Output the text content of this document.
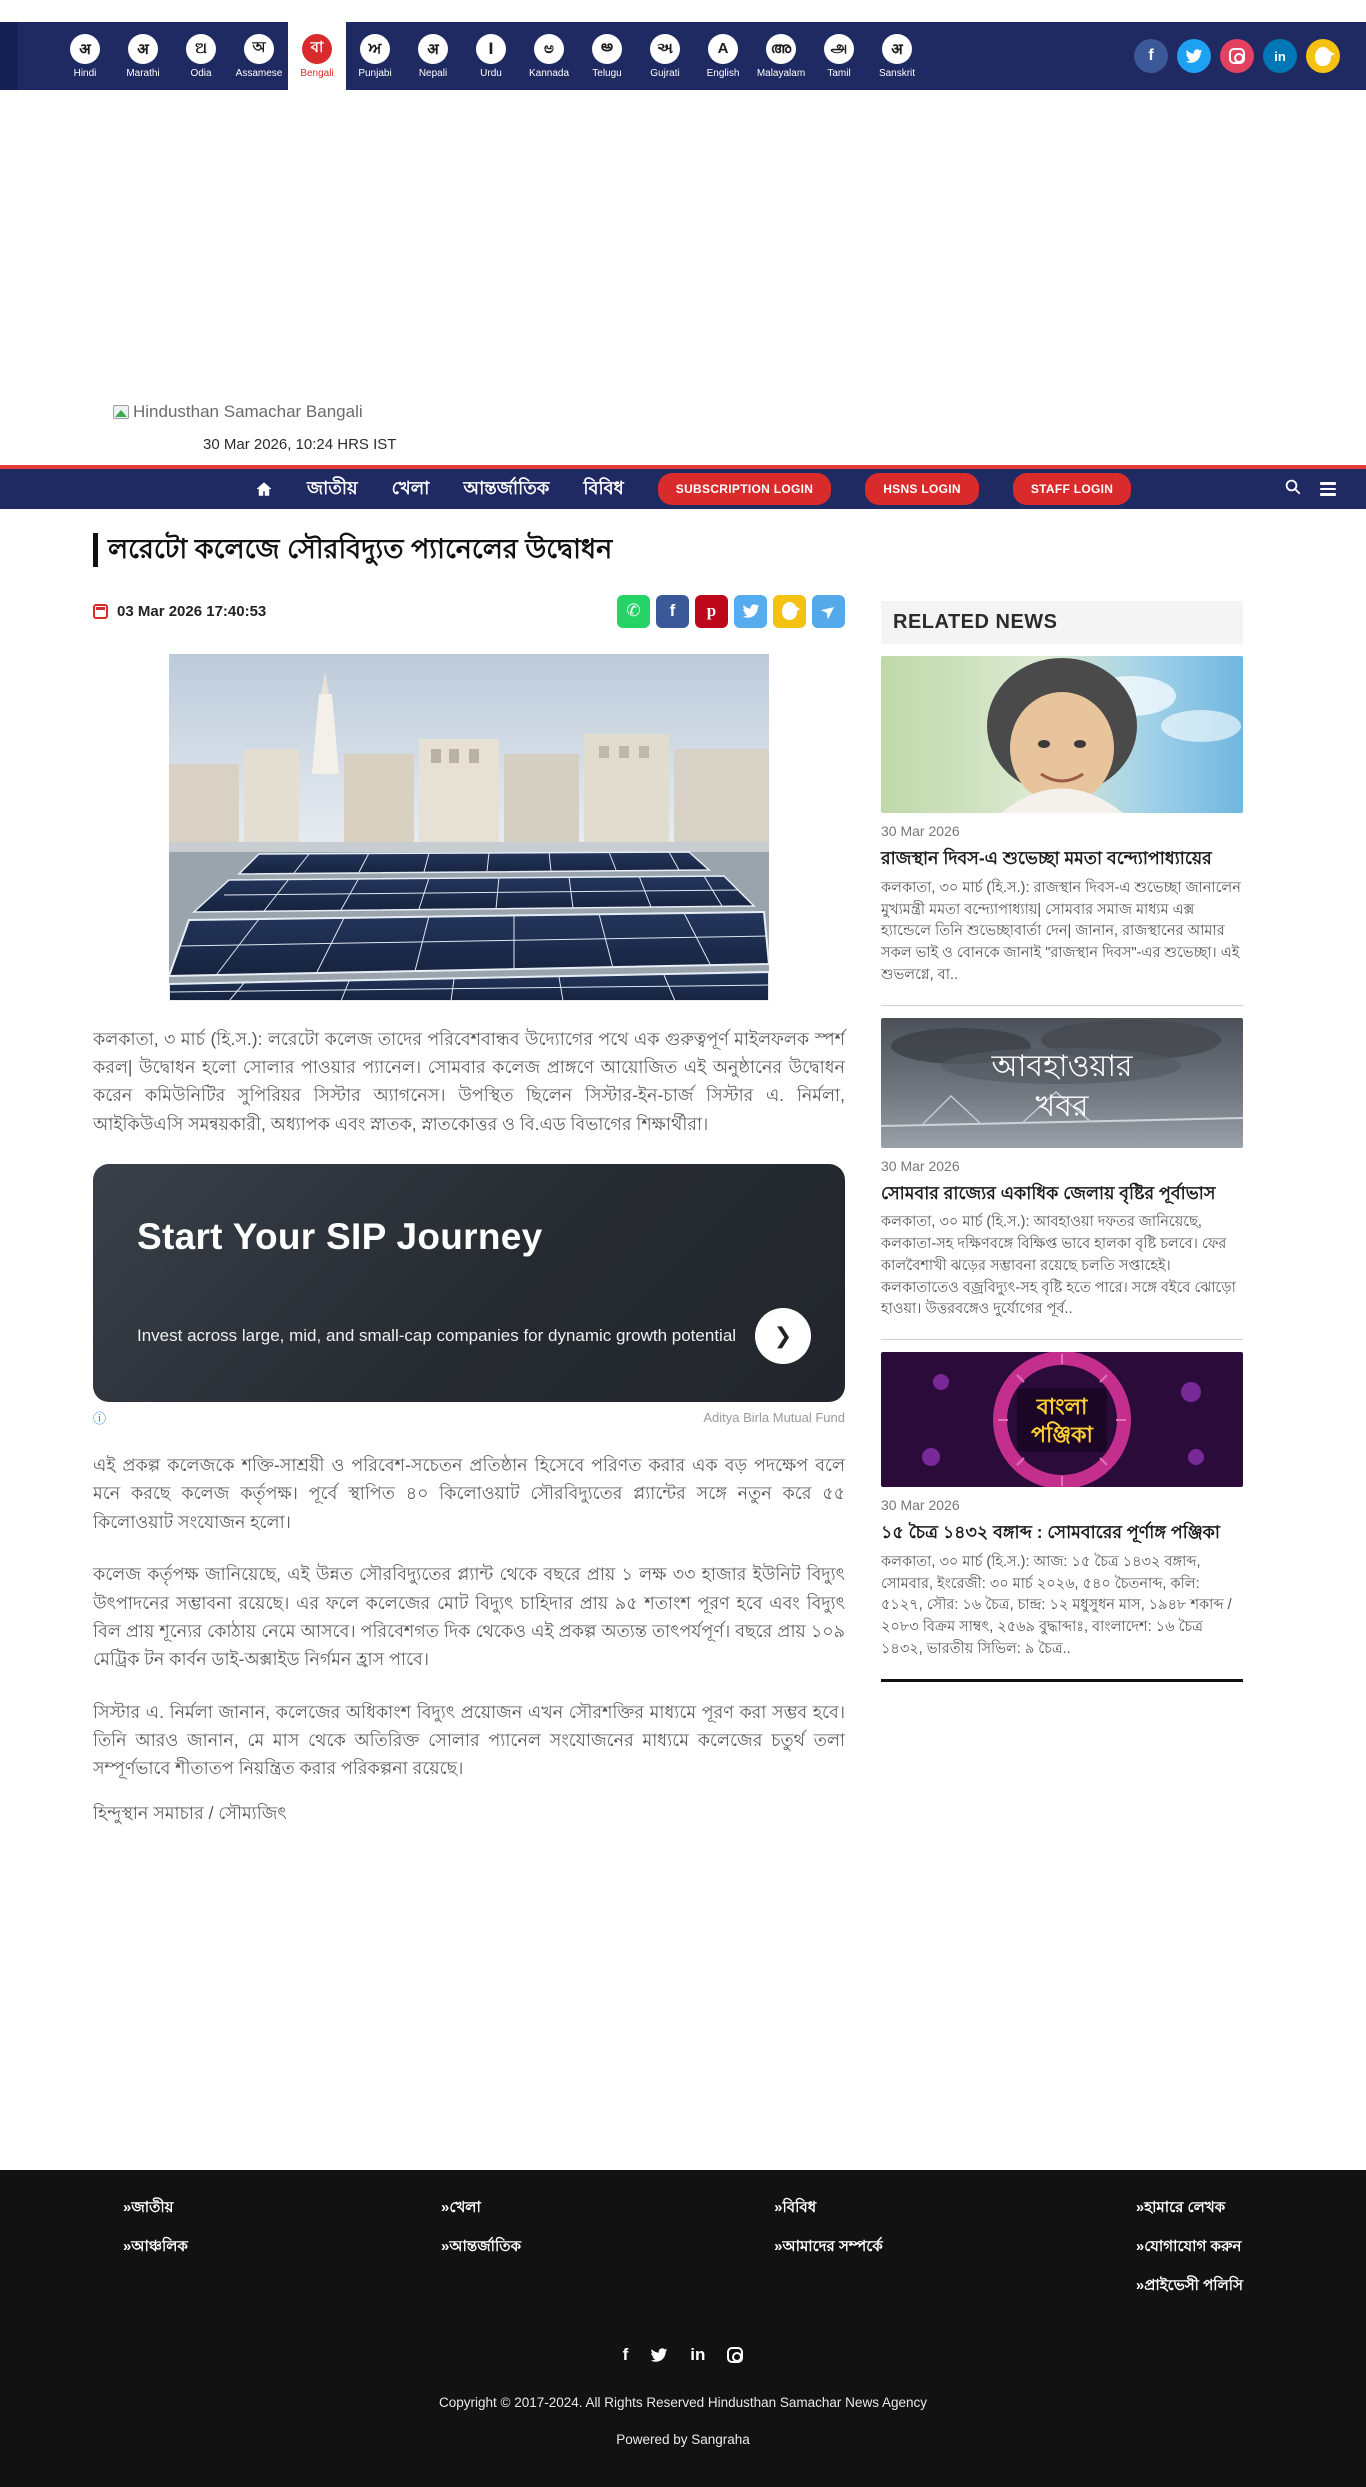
अ
Hindi
अ
Marathi
ଅ
Odia
অ
Assamese
বা
Bengali
ਅ
Punjabi
अ
Nepali
ا
Urdu
ಅ
Kannada
అ
Telugu
અ
Gujrati
A
English
അ
Malayalam
அ
Tamil
अ
Sanskrit
f	in
Hindusthan Samachar Bangali
30 Mar 2026, 10:24 HRS IST
জাতীয় খেলা আন্তর্জাতিক বিবিধ	SUBSCRIPTION LOGIN	HSNS LOGIN	STAFF LOGIN
লরেটো কলেজে সৌরবিদ্যুত প্যানেলের উদ্বোধন
03 Mar 2026 17:40:53	✆	f	p	➤

কলকাতা, ৩ মার্চ (হি.স.): লরেটো কলেজ তাদের পরিবেশবান্ধব উদ্যোগের পথে এক গুরুত্বপূর্ণ মাইলফলক স্পর্শ করল| উদ্বোধন হলো সোলার পাওয়ার প্যানেল। সোমবার কলেজ প্রাঙ্গণে আয়োজিত এই অনুষ্ঠানের উদ্বোধন করেন কমিউনিটির সুপিরিয়র সিস্টার অ্যাগনেস। উপস্থিত ছিলেন সিস্টার-ইন-চার্জ সিস্টার এ. নির্মলা, আইকিউএসি সমন্বয়কারী, অধ্যাপক এবং স্নাতক, স্নাতকোত্তর ও বি.এড বিভাগের শিক্ষার্থীরা।

Start Your SIP Journey
Invest across large, mid, and small-cap companies for dynamic growth potential	❯
ⓘ	Aditya Birla Mutual Fund

এই প্রকল্প কলেজকে শক্তি-সাশ্রয়ী ও পরিবেশ-সচেতন প্রতিষ্ঠান হিসেবে পরিণত করার এক বড় পদক্ষেপ বলে মনে করছে কলেজ কর্তৃপক্ষ। পূর্বে স্থাপিত ৪০ কিলোওয়াট সৌরবিদ্যুতের প্ল্যান্টের সঙ্গে নতুন করে ৫৫ কিলোওয়াট সংযোজন হলো।

কলেজ কর্তৃপক্ষ জানিয়েছে, এই উন্নত সৌরবিদ্যুতের প্ল্যান্ট থেকে বছরে প্রায় ১ লক্ষ ৩৩ হাজার ইউনিট বিদ্যুৎ উৎপাদনের সম্ভাবনা রয়েছে। এর ফলে কলেজের মোট বিদ্যুৎ চাহিদার প্রায় ৯৫ শতাংশ পূরণ হবে এবং বিদ্যুৎ বিল প্রায় শূন্যের কোঠায় নেমে আসবে। পরিবেশগত দিক থেকেও এই প্রকল্প অত্যন্ত তাৎপর্যপূর্ণ। বছরে প্রায় ১০৯ মেট্রিক টন কার্বন ডাই-অক্সাইড নির্গমন হ্রাস পাবে।

সিস্টার এ. নির্মলা জানান, কলেজের অধিকাংশ বিদ্যুৎ প্রয়োজন এখন সৌরশক্তির মাধ্যমে পূরণ করা সম্ভব হবে। তিনি আরও জানান, মে মাস থেকে অতিরিক্ত সোলার প্যানেল সংযোজনের মাধ্যমে কলেজের চতুর্থ তলা সম্পূর্ণভাবে শীতাতপ নিয়ন্ত্রিত করার পরিকল্পনা রয়েছে।

হিন্দুস্থান সমাচার / সৌম্যজিৎ

RELATED NEWS
30 Mar 2026
রাজস্থান দিবস-এ শুভেচ্ছা মমতা বন্দ্যোপাধ্যায়ের
কলকাতা, ৩০ মার্চ (হি.স.): রাজস্থান দিবস-এ শুভেচ্ছা জানালেন মুখ্যমন্ত্রী মমতা বন্দ্যোপাধ্যায়| সোমবার সমাজ মাধ্যম এক্স হ্যান্ডেলে তিনি শুভেচ্ছাবার্তা দেন| জানান, রাজস্থানের আমার সকল ভাই ও বোনকে জানাই "রাজস্থান দিবস"-এর শুভেচ্ছা। এই শুভলগ্নে, বা..
আবহাওয়ার
খবর
30 Mar 2026
সোমবার রাজ্যের একাধিক জেলায় বৃষ্টির পূর্বাভাস
কলকাতা, ৩০ মার্চ (হি.স.): আবহাওয়া দফতর জানিয়েছে, কলকাতা-সহ দক্ষিণবঙ্গে বিক্ষিপ্ত ভাবে হালকা বৃষ্টি চলবে। ফের কালবৈশাখী ঝড়ের সম্ভাবনা রয়েছে চলতি সপ্তাহেই। কলকাতাতেও বজ্রবিদ্যুৎ-সহ বৃষ্টি হতে পারে। সঙ্গে বইবে ঝোড়ো হাওয়া। উত্তরবঙ্গেও দুর্যোগের পূর্ব..
বাংলা
পঞ্জিকা
30 Mar 2026
১৫ চৈত্র ১৪৩২ বঙ্গাব্দ : সোমবারের পূর্ণাঙ্গ পঞ্জিকা
কলকাতা, ৩০ মার্চ (হি.স.): আজ: ১৫ চৈত্র ১৪৩২ বঙ্গাব্দ, সোমবার, ইংরেজী: ৩০ মার্চ ২০২৬, ৫৪০ চৈতনাব্দ, কলি: ৫১২৭, সৌর: ১৬ চৈত্র, চান্দ্র: ১২ মধুসুধন মাস, ১৯৪৮ শকাব্দ /২০৮৩ বিক্রম সাম্বৎ, ২৫৬৯ বুদ্ধাব্দাঃ, বাংলাদেশ: ১৬ চৈত্র ১৪৩২, ভারতীয় সিভিল: ৯ চৈত্র..
»জাতীয়
»আঞ্চলিক
»খেলা
»আন্তর্জাতিক
»বিবিধ
»আমাদের সম্পর্কে
»হামারে লেখক
»যোগাযোগ করুন
»প্রাইভেসী পলিসি
f	in
Copyright © 2017-2024. All Rights Reserved Hindusthan Samachar News Agency
Powered by Sangraha
